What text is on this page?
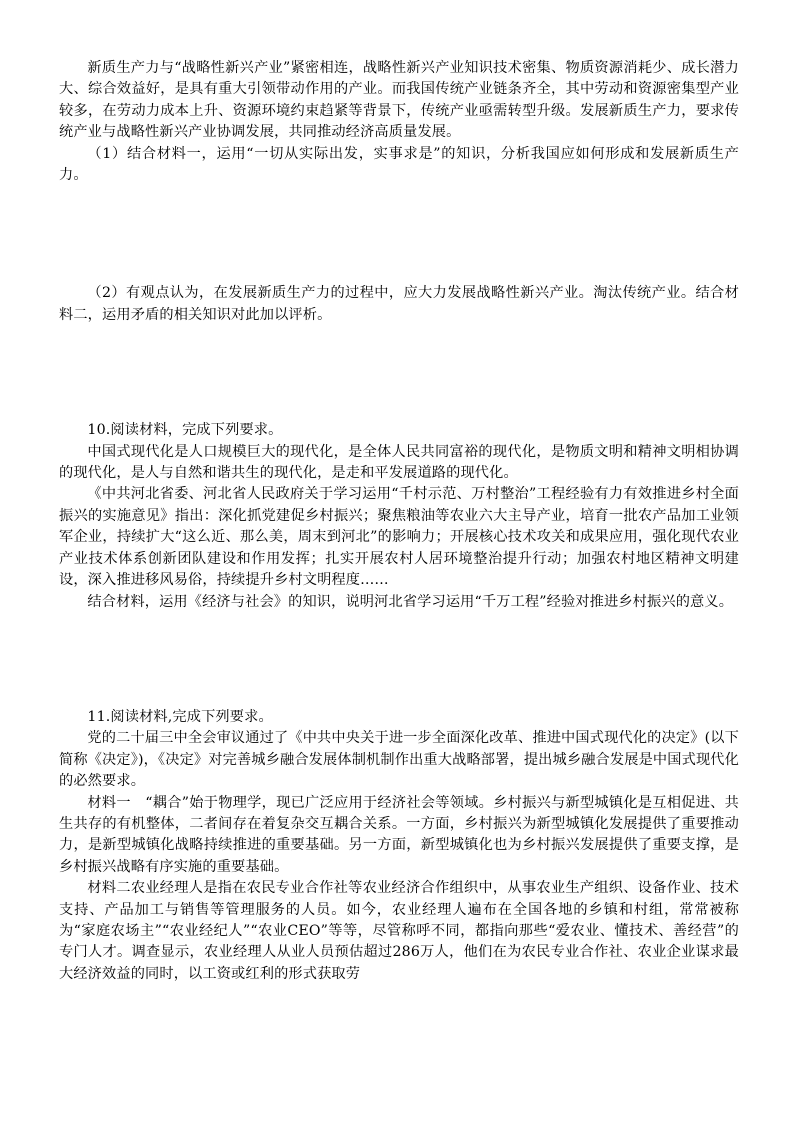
新质生产力与“战略性新兴产业”紧密相连，战略性新兴产业知识技术密集、物质资源消耗少、成长潜力大、综合效益好，是具有重大引领带动作用的产业。而我国传统产业链条齐全，其中劳动和资源密集型产业较多，在劳动力成本上升、资源环境约束趋紧等背景下，传统产业亟需转型升级。发展新质生产力，要求传统产业与战略性新兴产业协调发展，共同推动经济高质量发展。

（1）结合材料一，运用“一切从实际出发，实事求是”的知识，分析我国应如何形成和发展新质生产力。

（2）有观点认为，在发展新质生产力的过程中，应大力发展战略性新兴产业。淘汰传统产业。结合材料二，运用矛盾的相关知识对此加以评析。

10.阅读材料，完成下列要求。

中国式现代化是人口规模巨大的现代化，是全体人民共同富裕的现代化，是物质文明和精神文明相协调的现代化，是人与自然和谐共生的现代化，是走和平发展道路的现代化。

《中共河北省委、河北省人民政府关于学习运用“千村示范、万村整治”工程经验有力有效推进乡村全面振兴的实施意见》指出：深化抓党建促乡村振兴；聚焦粮油等农业六大主导产业，培育一批农产品加工业领军企业，持续扩大“这么近、那么美，周末到河北”的影响力；开展核心技术攻关和成果应用，强化现代农业产业技术体系创新团队建设和作用发挥；扎实开展农村人居环境整治提升行动；加强农村地区精神文明建设，深入推进移风易俗，持续提升乡村文明程度……

结合材料，运用《经济与社会》的知识，说明河北省学习运用“千万工程”经验对推进乡村振兴的意义。

11.阅读材料,完成下列要求。

党的二十届三中全会审议通过了《中共中央关于进一步全面深化改革、推进中国式现代化的决定》(以下简称《决定》)，《决定》对完善城乡融合发展体制机制作出重大战略部署，提出城乡融合发展是中国式现代化的必然要求。

材料一　“耦合”始于物理学，现已广泛应用于经济社会等领域。乡村振兴与新型城镇化是互相促进、共生共存的有机整体，二者间存在着复杂交互耦合关系。一方面，乡村振兴为新型城镇化发展提供了重要推动力，是新型城镇化战略持续推进的重要基础。另一方面，新型城镇化也为乡村振兴发展提供了重要支撑，是乡村振兴战略有序实施的重要基础。

材料二农业经理人是指在农民专业合作社等农业经济合作组织中，从事农业生产组织、设备作业、技术支持、产品加工与销售等管理服务的人员。如今，农业经理人遍布在全国各地的乡镇和村组，常常被称为“家庭农场主”“农业经纪人”“农业CEO”等等，尽管称呼不同，都指向那些“爱农业、懂技术、善经营”的专门人才。调查显示，农业经理人从业人员预估超过286万人，他们在为农民专业合作社、农业企业谋求最大经济效益的同时，以工资或红利的形式获取劳
